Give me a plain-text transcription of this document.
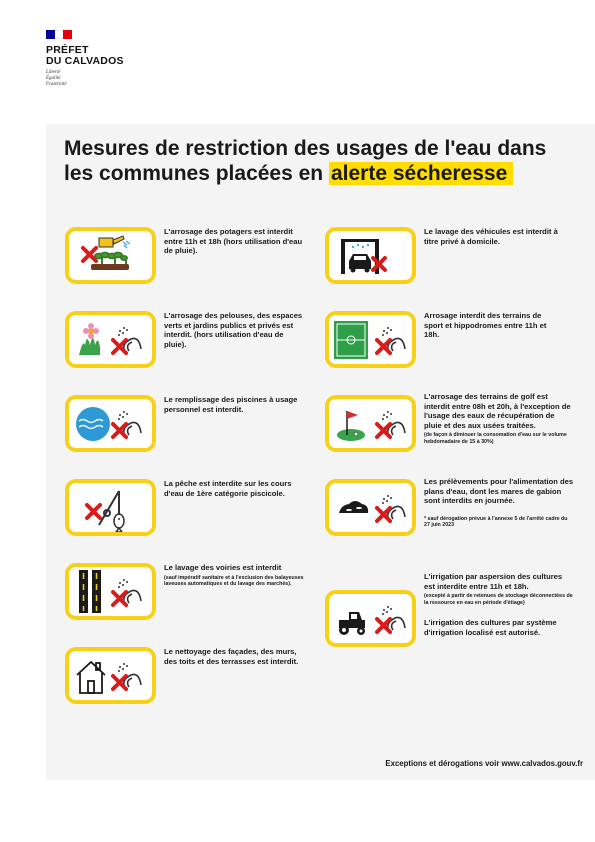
PRÉFET
DU CALVADOS
Liberté
Égalité
Fraternité
Mesures de restriction des usages de l'eau dans
les communes placées en alerte sécheresse
L'arrosage des potagers est interdit entre 11h et 18h (hors utilisation d'eau de pluie).
L'arrosage des pelouses, des espaces verts et jardins publics et privés est interdit. (hors utilisation d'eau de pluie).
Le remplissage des piscines à usage personnel est interdit.
La pêche est interdite sur les cours d'eau de 1ère catégorie piscicole.
Le lavage des voiries est interdit
(sauf impératif sanitaire et à l'exclusion des balayeuses laveuses automatiques et du lavage des marchés).
Le nettoyage des façades, des murs, des toits et des terrasses est interdit.
Le lavage des véhicules est interdit à titre privé à domicile.
Arrosage interdit des terrains de sport et hippodromes entre 11h et 18h.
L'arrosage des terrains de golf est interdit entre 08h et 20h, à l'exception de l'usage des eaux de récupération de pluie et des aux usées traitées.
(de façon à diminuer la consomation d'eau sur le volume hebdomadaire de 15 à 30%)
Les prélèvements pour l'alimentation des plans d'eau, dont les mares de gabion sont interdits en journée.
* sauf dérogation prévue à l'annexe 5 de l'arrêté cadre du 27 juin 2023
L'irrigation par aspersion des cultures est interdite entre 11h et 18h.
(excepté à partir de retenues de stockage déconnectées de la ressource en eau en période d'étiage)
L'irrigation des cultures par système d'irrigation localisé est autorisé.
Exceptions et dérogations voir www.calvados.gouv.fr
